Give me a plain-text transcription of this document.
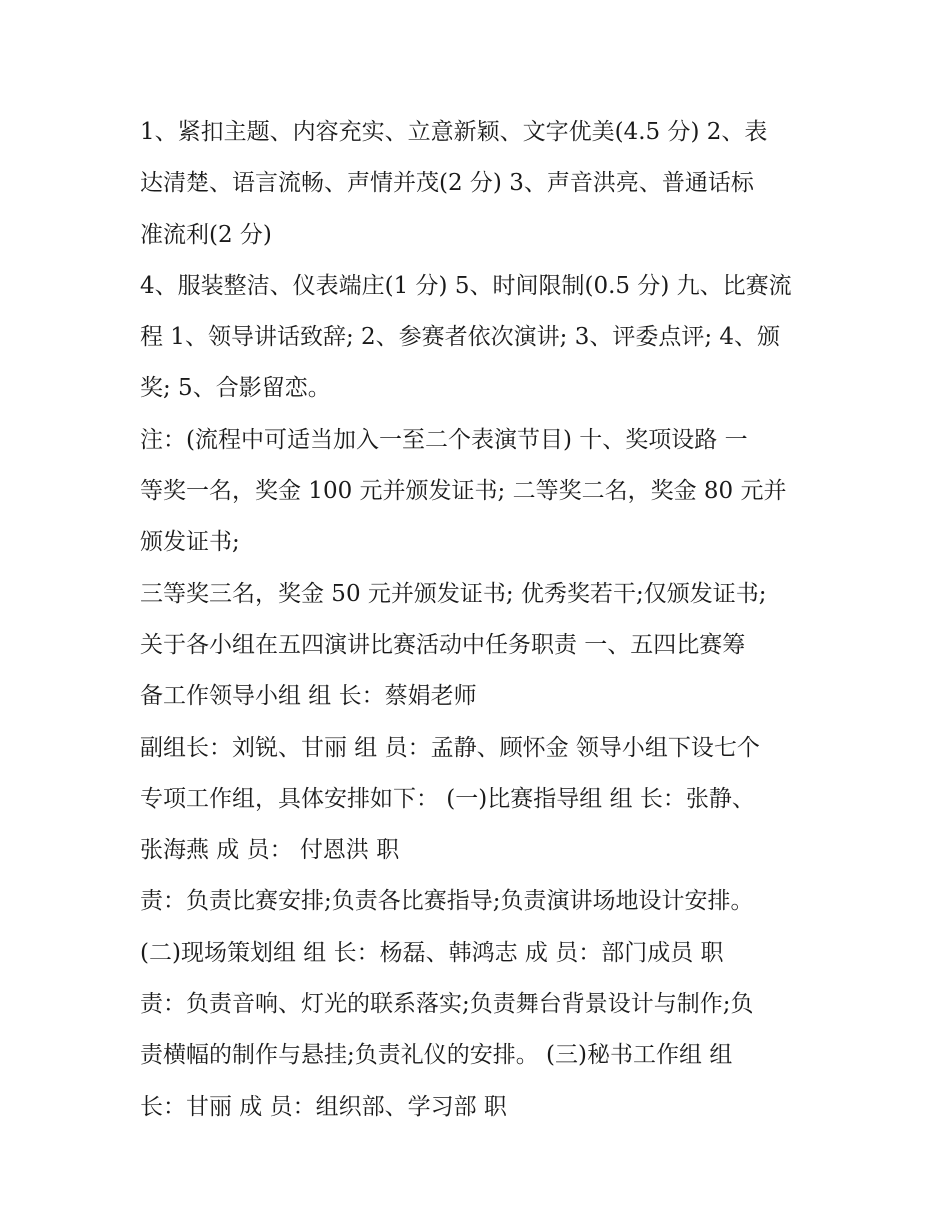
1、紧扣主题、内容充实、立意新颖、文字优美(4.5 分) 2、表
达清楚、语言流畅、声情并茂(2 分) 3、声音洪亮、普通话标
准流利(2 分)
4、服装整洁、仪表端庄(1 分) 5、时间限制(0.5 分) 九、比赛流
程 1、领导讲话致辞; 2、参赛者依次演讲; 3、评委点评; 4、颁
奖; 5、合影留恋。
注：(流程中可适当加入一至二个表演节目) 十、奖项设路 一
等奖一名，奖金 100 元并颁发证书; 二等奖二名，奖金 80 元并
颁发证书;
三等奖三名，奖金 50 元并颁发证书; 优秀奖若干;仅颁发证书;
关于各小组在五四演讲比赛活动中任务职责 一、五四比赛筹
备工作领导小组 组 长：蔡娟老师
副组长：刘锐、甘丽 组 员：孟静、顾怀金 领导小组下设七个
专项工作组，具体安排如下： (一)比赛指导组 组 长：张静、
张海燕 成 员： 付恩洪 职
责：负责比赛安排;负责各比赛指导;负责演讲场地设计安排。
(二)现场策划组 组 长：杨磊、韩鸿志 成 员：部门成员 职
责：负责音响、灯光的联系落实;负责舞台背景设计与制作;负
责横幅的制作与悬挂;负责礼仪的安排。 (三)秘书工作组 组
长：甘丽 成 员：组织部、学习部 职
